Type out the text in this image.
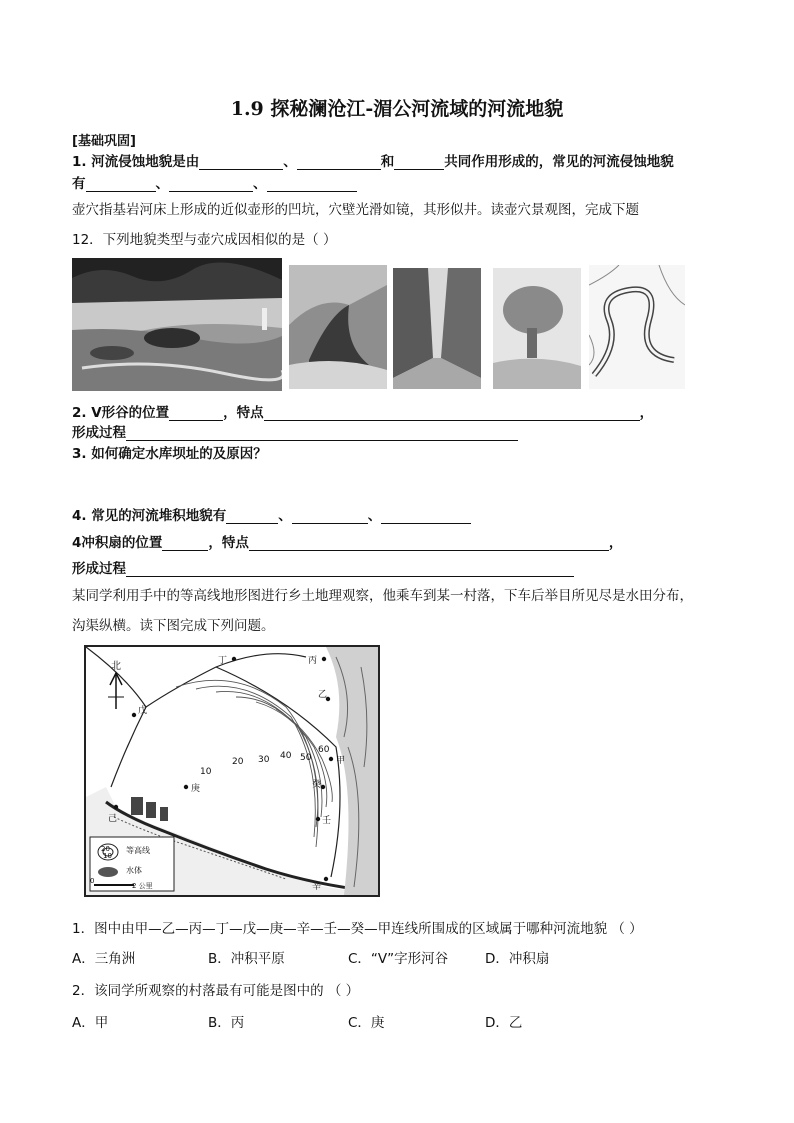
1.9 探秘澜沧江-湄公河流域的河流地貌
[基础巩固]
1. 河流侵蚀地貌是由	、	和	共同作用形成的，常见的河流侵蚀地貌
有	、	、
壶穴指基岩河床上形成的近似壶形的凹坑，穴壁光滑如镜，其形似井。读壶穴景观图，完成下题
12．下列地貌类型与壶穴成因相似的是（ ）
2. V形谷的位置	，特点	，
形成过程
3. 如何确定水库坝址的及原因？
4. 常见的河流堆积地貌有	、	、
4冲积扇的位置	，特点	，
形成过程
某同学利用手中的等高线地形图进行乡土地理观察，他乘车到某一村落，下车后举目所见尽是水田分布，
沟渠纵横。读下图完成下列问题。
北	丁	丙
戊
乙
甲
癸
庚
壬
己
辛
10
20 30 40 50
60
20
10
等高线
水体
0
2 公里
1．图中由甲—乙—丙—丁—戊—庚—辛—壬—癸—甲连线所围成的区域属于哪种河流地貌 （ ）
A．三角洲	B．冲积平原	C．“V”字形河谷	D．冲积扇
2．该同学所观察的村落最有可能是图中的 （ ）
A．甲	B．丙	C．庚	D．乙
